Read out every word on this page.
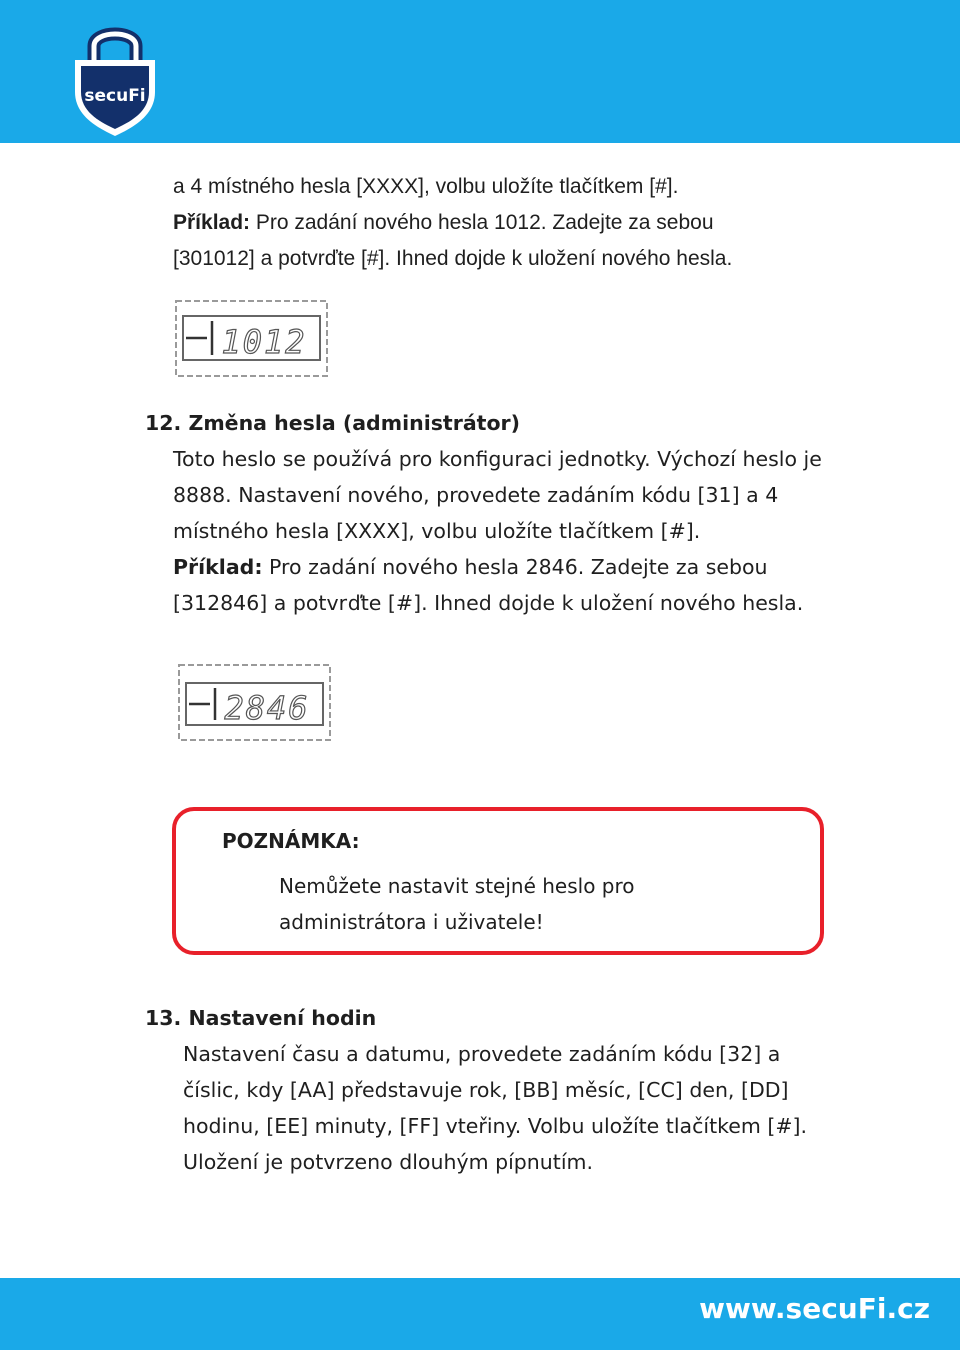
secuFi

a 4 místného hesla [XXXX], volbu uložíte tlačítkem [#].

Příklad: Pro zadání nového hesla 1012. Zadejte za sebou

[301012] a potvrďte [#]. Ihned dojde k uložení nového hesla.

1012

12. Změna hesla (administrátor)

Toto heslo se používá pro konfiguraci jednotky. Výchozí heslo je

8888. Nastavení nového, provedete zadáním kódu [31] a 4

místného hesla [XXXX], volbu uložíte tlačítkem [#].

Příklad: Pro zadání nového hesla 2846. Zadejte za sebou

[312846] a potvrďte [#]. Ihned dojde k uložení nového hesla.

2846
POZNÁMKA:
Nemůžete nastavit stejné heslo pro
administrátora i uživatele!

13. Nastavení hodin

Nastavení času a datumu, provedete zadáním kódu [32] a

číslic, kdy [AA] představuje rok, [BB] měsíc, [CC] den, [DD]

hodinu, [EE] minuty, [FF] vteřiny. Volbu uložíte tlačítkem [#].

Uložení je potvrzeno dlouhým pípnutím.

www.secuFi.cz
